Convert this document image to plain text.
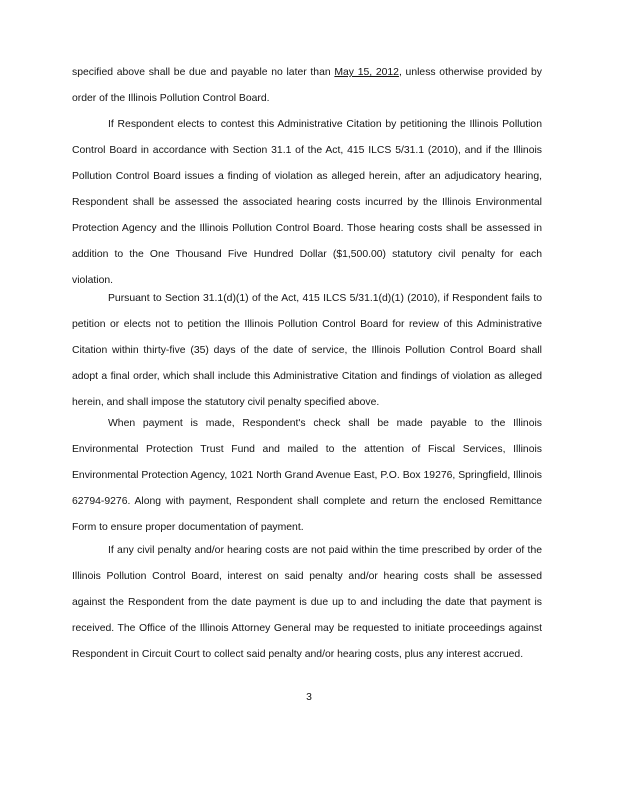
specified above shall be due and payable no later than May 15, 2012, unless otherwise provided by order of the Illinois Pollution Control Board.

If Respondent elects to contest this Administrative Citation by petitioning the Illinois Pollution Control Board in accordance with Section 31.1 of the Act, 415 ILCS 5/31.1 (2010), and if the Illinois Pollution Control Board issues a finding of violation as alleged herein, after an adjudicatory hearing, Respondent shall be assessed the associated hearing costs incurred by the Illinois Environmental Protection Agency and the Illinois Pollution Control Board. Those hearing costs shall be assessed in addition to the One Thousand Five Hundred Dollar ($1,500.00) statutory civil penalty for each violation.

Pursuant to Section 31.1(d)(1) of the Act, 415 ILCS 5/31.1(d)(1) (2010), if Respondent fails to petition or elects not to petition the Illinois Pollution Control Board for review of this Administrative Citation within thirty-five (35) days of the date of service, the Illinois Pollution Control Board shall adopt a final order, which shall include this Administrative Citation and findings of violation as alleged herein, and shall impose the statutory civil penalty specified above.

When payment is made, Respondent's check shall be made payable to the Illinois Environmental Protection Trust Fund and mailed to the attention of Fiscal Services, Illinois Environmental Protection Agency, 1021 North Grand Avenue East, P.O. Box 19276, Springfield, Illinois 62794-9276. Along with payment, Respondent shall complete and return the enclosed Remittance Form to ensure proper documentation of payment.

If any civil penalty and/or hearing costs are not paid within the time prescribed by order of the Illinois Pollution Control Board, interest on said penalty and/or hearing costs shall be assessed against the Respondent from the date payment is due up to and including the date that payment is received. The Office of the Illinois Attorney General may be requested to initiate proceedings against Respondent in Circuit Court to collect said penalty and/or hearing costs, plus any interest accrued.

3
